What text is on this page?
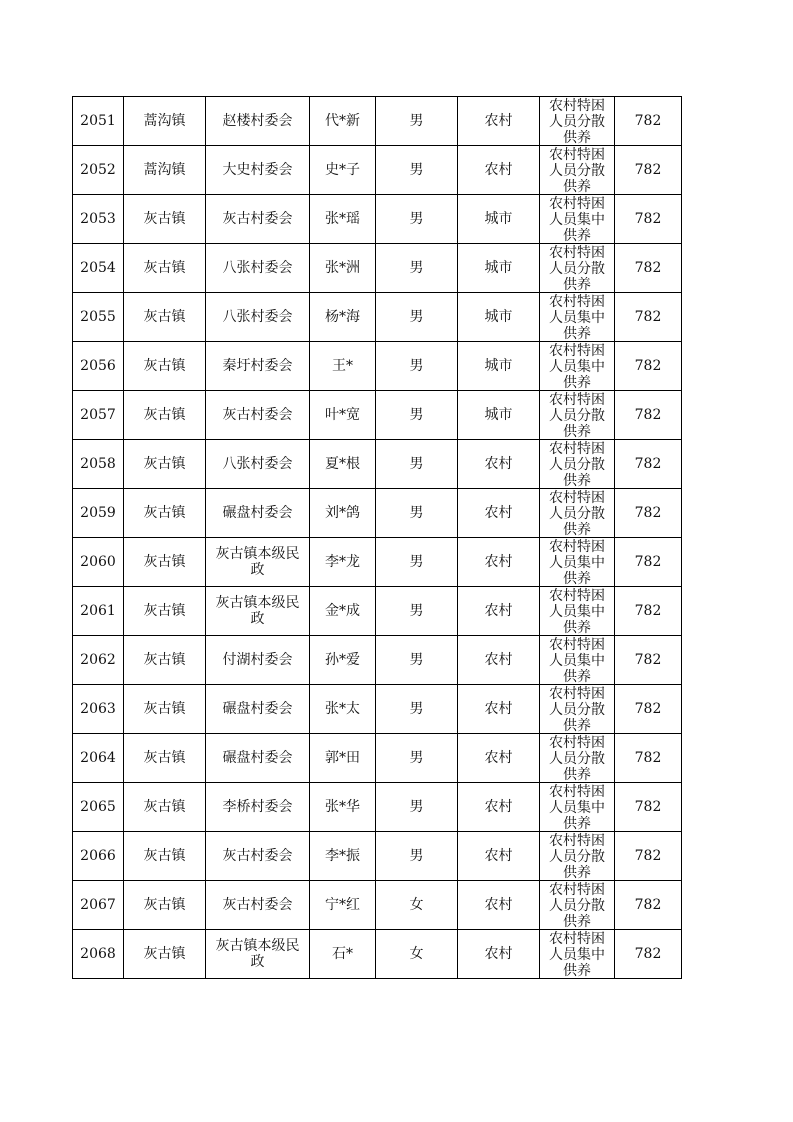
2051	蒿沟镇	赵楼村委会	代*新	男	农村	农村特困人员分散供养	782
2052	蒿沟镇	大史村委会	史*子	男	农村	农村特困人员分散供养	782
2053	灰古镇	灰古村委会	张*瑶	男	城市	农村特困人员集中供养	782
2054	灰古镇	八张村委会	张*洲	男	城市	农村特困人员分散供养	782
2055	灰古镇	八张村委会	杨*海	男	城市	农村特困人员集中供养	782
2056	灰古镇	秦圩村委会	王*	男	城市	农村特困人员集中供养	782
2057	灰古镇	灰古村委会	叶*宽	男	城市	农村特困人员分散供养	782
2058	灰古镇	八张村委会	夏*根	男	农村	农村特困人员分散供养	782
2059	灰古镇	碾盘村委会	刘*鸽	男	农村	农村特困人员分散供养	782
2060	灰古镇	灰古镇本级民政	李*龙	男	农村	农村特困人员集中供养	782
2061	灰古镇	灰古镇本级民政	金*成	男	农村	农村特困人员集中供养	782
2062	灰古镇	付湖村委会	孙*爱	男	农村	农村特困人员集中供养	782
2063	灰古镇	碾盘村委会	张*太	男	农村	农村特困人员分散供养	782
2064	灰古镇	碾盘村委会	郭*田	男	农村	农村特困人员分散供养	782
2065	灰古镇	李桥村委会	张*华	男	农村	农村特困人员集中供养	782
2066	灰古镇	灰古村委会	李*振	男	农村	农村特困人员分散供养	782
2067	灰古镇	灰古村委会	宁*红	女	农村	农村特困人员分散供养	782
2068	灰古镇	灰古镇本级民政	石*	女	农村	农村特困人员集中供养	782
